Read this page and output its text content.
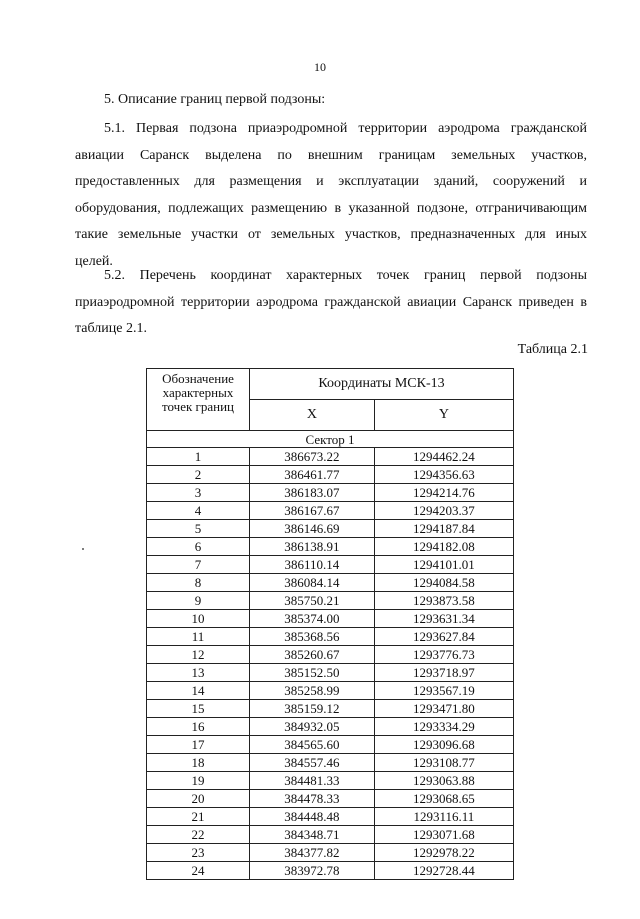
10
5. Описание границ первой подзоны:
5.1. Первая подзона приаэродромной территории аэродрома гражданской авиации Саранск выделена по внешним границам земельных участков, предоставленных для размещения и эксплуатации зданий, сооружений и оборудования, подлежащих размещению в указанной подзоне, отграничивающим такие земельные участки от земельных участков, предназначенных для иных целей.
5.2. Перечень координат характерных точек границ первой подзоны приаэродромной территории аэродрома гражданской авиации Саранск приведен в таблице 2.1.
Таблица 2.1
Обозначение характерных точек границ	Координаты МСК-13	
	X	Y
Сектор 1		
1	386673.22	1294462.24
2	386461.77	1294356.63
3	386183.07	1294214.76
4	386167.67	1294203.37
5	386146.69	1294187.84
6	386138.91	1294182.08
7	386110.14	1294101.01
8	386084.14	1294084.58
9	385750.21	1293873.58
10	385374.00	1293631.34
11	385368.56	1293627.84
12	385260.67	1293776.73
13	385152.50	1293718.97
14	385258.99	1293567.19
15	385159.12	1293471.80
16	384932.05	1293334.29
17	384565.60	1293096.68
18	384557.46	1293108.77
19	384481.33	1293063.88
20	384478.33	1293068.65
21	384448.48	1293116.11
22	384348.71	1293071.68
23	384377.82	1292978.22
24	383972.78	1292728.44
